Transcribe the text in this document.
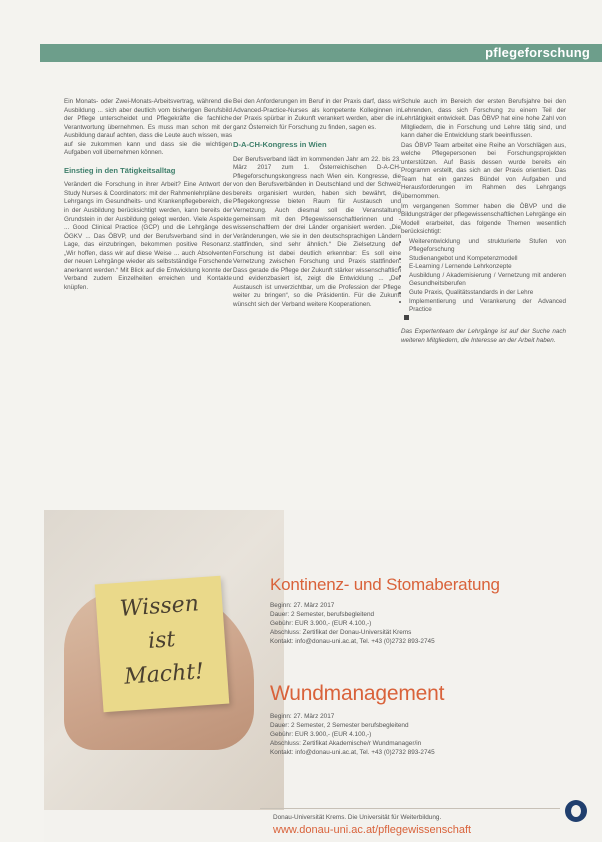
pflegeforschung

Ein Monats- oder Zwei-Monats-Arbeitsvertrag, während die Ausbildung ... sich aber deutlich vom bisherigen Berufsbild der Pflege unterscheidet und Pflegekräfte die fachliche Verantwortung übernehmen. Es muss man schon mit der Ausbildung darauf achten, dass die Leute auch wissen, was auf sie zukommen kann und dass sie die wichtigen Aufgaben voll übernehmen können.

Einstieg in den Tätigkeitsalltag

Verändert die Forschung in ihrer Arbeit? Eine Antwort der Study Nurses & Coordinators: mit der Rahmenlehrpläne des Lehrgangs im Gesundheits- und Krankenpflegebereich, die in der Ausbildung berücksichtigt werden, kann bereits der Grundstein in der Ausbildung gelegt werden. Viele Aspekte ... Good Clinical Practice (GCP) und die Lehrgänge des ÖGKV ... Das ÖBVP, und der Berufsverband sind in der Lage, das einzubringen, bekommen positive Resonanz. „Wir hoffen, dass wir auf diese Weise ... auch Absolventen der neuen Lehrgänge wieder als selbstständige Forschende anerkannt werden.“ Mit Blick auf die Entwicklung konnte der Verband zudem Einzelheiten erreichen und Kontakte knüpfen.

Bei den Anforderungen im Beruf in der Praxis darf, dass wir Advanced-Practice-Nurses als kompetente Kolleginnen in der Praxis spürbar in Zukunft verankert werden, aber die in ganz Österreich für Forschung zu finden, sagen es.

D-A-CH-Kongress in Wien

Der Berufsverband lädt im kommenden Jahr am 22. bis 23. März 2017 zum 1. Österreichischen D-A-CH-Pflegeforschungskongress nach Wien ein. Kongresse, die von den Berufsverbänden in Deutschland und der Schweiz bereits organisiert wurden, haben sich bewährt, die Pflegekongresse bieten Raum für Austausch und Vernetzung. Auch diesmal soll die Veranstaltung gemeinsam mit den Pflegewissenschaftlerinnen und -wissenschaftlern der drei Länder organisiert werden. „Die Veränderungen, wie sie in den deutschsprachigen Ländern stattfinden, sind sehr ähnlich.“ Die Zielsetzung der Forschung ist dabei deutlich erkennbar: Es soll eine Vernetzung zwischen Forschung und Praxis stattfinden. Dass gerade die Pflege der Zukunft stärker wissenschaftlich und evidenzbasiert ist, zeigt die Entwicklung ... „Der Austausch ist unverzichtbar, um die Profession der Pflege weiter zu bringen“, so die Präsidentin. Für die Zukunft wünscht sich der Verband weitere Kooperationen.

Schule auch im Bereich der ersten Berufsjahre bei den Lehrenden, dass sich Forschung zu einem Teil der Lehrtätigkeit entwickelt. Das ÖBVP hat eine hohe Zahl von Mitgliedern, die in Forschung und Lehre tätig sind, und kann daher die Entwicklung stark beeinflussen.

Das ÖBVP Team arbeitet eine Reihe an Vorschlägen aus, welche Pflegepersonen bei Forschungsprojekten unterstützen. Auf Basis dessen wurde bereits ein Programm erstellt, das sich an der Praxis orientiert. Das Team hat ein ganzes Bündel von Aufgaben und Herausforderungen im Rahmen des Lehrgangs übernommen.

Im vergangenen Sommer haben die ÖBVP und die Bildungsträger der pflegewissenschaftlichen Lehrgänge ein Modell erarbeitet, das folgende Themen wesentlich berücksichtigt:

• Weiterentwicklung und strukturierte Stufen von Pflegeforschung
• Studienangebot und Kompetenzmodell
• E-Learning / Lernende Lehrkonzepte
• Ausbildung / Akademisierung / Vernetzung mit anderen Gesundheitsberufen
• Gute Praxis, Qualitätsstandards in der Lehre
• Implementierung und Verankerung der Advanced Practice

Das Expertenteam der Lehrgänge ist auf der Suche nach weiteren Mitgliedern, die Interesse an der Arbeit haben.

Wissen
ist
Macht!
Kontinenz- und Stomaberatung
Beginn: 27. März 2017
Dauer: 2 Semester, berufsbegleitend
Gebühr: EUR 3.900,- (EUR 4.100,-)
Abschluss: Zertifikat der Donau-Universität Krems
Kontakt: info@donau-uni.ac.at, Tel. +43 (0)2732 893-2745
Wundmanagement
Beginn: 27. März 2017
Dauer: 2 Semester, 2 Semester berufsbegleitend
Gebühr: EUR 3.900,- (EUR 4.100,-)
Abschluss: Zertifikat Akademische/r Wundmanager/in
Kontakt: info@donau-uni.ac.at, Tel. +43 (0)2732 893-2745
Donau-Universität Krems. Die Universität für Weiterbildung.
www.donau-uni.ac.at/pflegewissenschaft
